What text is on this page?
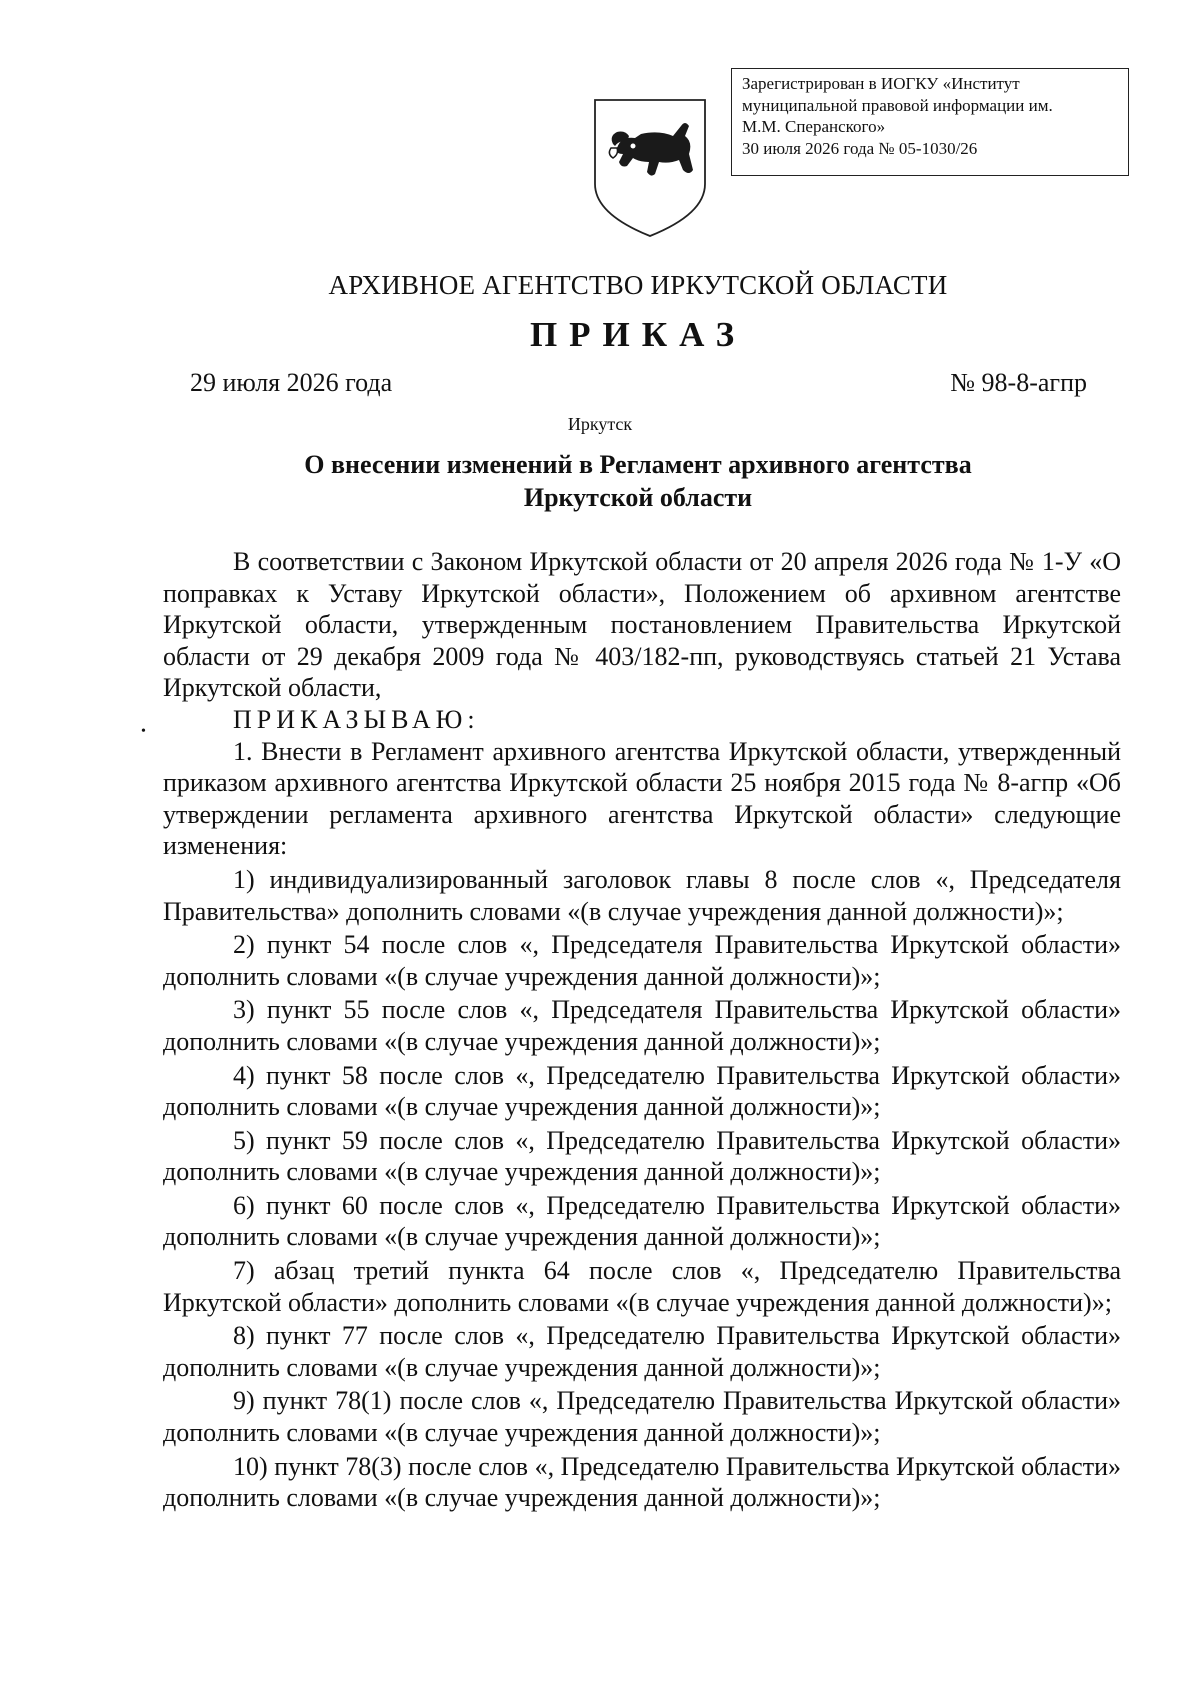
Зарегистрирован в ИОГКУ «Институт
муниципальной правовой информации им.
М.М. Сперанского»
30 июля 2026 года № 05-1030/26
АРХИВНОЕ АГЕНТСТВО ИРКУТСКОЙ ОБЛАСТИ
ПРИКАЗ
29 июля 2026 года	№ 98-8-агпр
Иркутск
О внесении изменений в Регламент архивного агентства
Иркутской области
•

В соответствии с Законом Иркутской области от 20 апреля 2026 года № 1-У «О поправках к Уставу Иркутской области», Положением об архивном агентстве Иркутской области, утвержденным постановлением Правительства Иркутской области от 29 декабря 2009 года № 403/182-пп, руководствуясь статьей 21 Устава Иркутской области,

ПРИКАЗЫВАЮ:

1. Внести в Регламент архивного агентства Иркутской области, утвержденный приказом архивного агентства Иркутской области 25 ноября 2015 года № 8-агпр «Об утверждении регламента архивного агентства Иркутской области» следующие изменения:

1) индивидуализированный заголовок главы 8 после слов «, Председателя Правительства» дополнить словами «(в случае учреждения данной должности)»;

2) пункт 54 после слов «, Председателя Правительства Иркутской области» дополнить словами «(в случае учреждения данной должности)»;

3) пункт 55 после слов «, Председателя Правительства Иркутской области» дополнить словами «(в случае учреждения данной должности)»;

4) пункт 58 после слов «, Председателю Правительства Иркутской области» дополнить словами «(в случае учреждения данной должности)»;

5) пункт 59 после слов «, Председателю Правительства Иркутской области» дополнить словами «(в случае учреждения данной должности)»;

6) пункт 60 после слов «, Председателю Правительства Иркутской области» дополнить словами «(в случае учреждения данной должности)»;

7) абзац третий пункта 64 после слов «, Председателю Правительства Иркутской области» дополнить словами «(в случае учреждения данной должности)»;

8) пункт 77 после слов «, Председателю Правительства Иркутской области» дополнить словами «(в случае учреждения данной должности)»;

9) пункт 78(1) после слов «, Председателю Правительства Иркутской области» дополнить словами «(в случае учреждения данной должности)»;

10) пункт 78(3) после слов «, Председателю Правительства Иркутской области» дополнить словами «(в случае учреждения данной должности)»;
